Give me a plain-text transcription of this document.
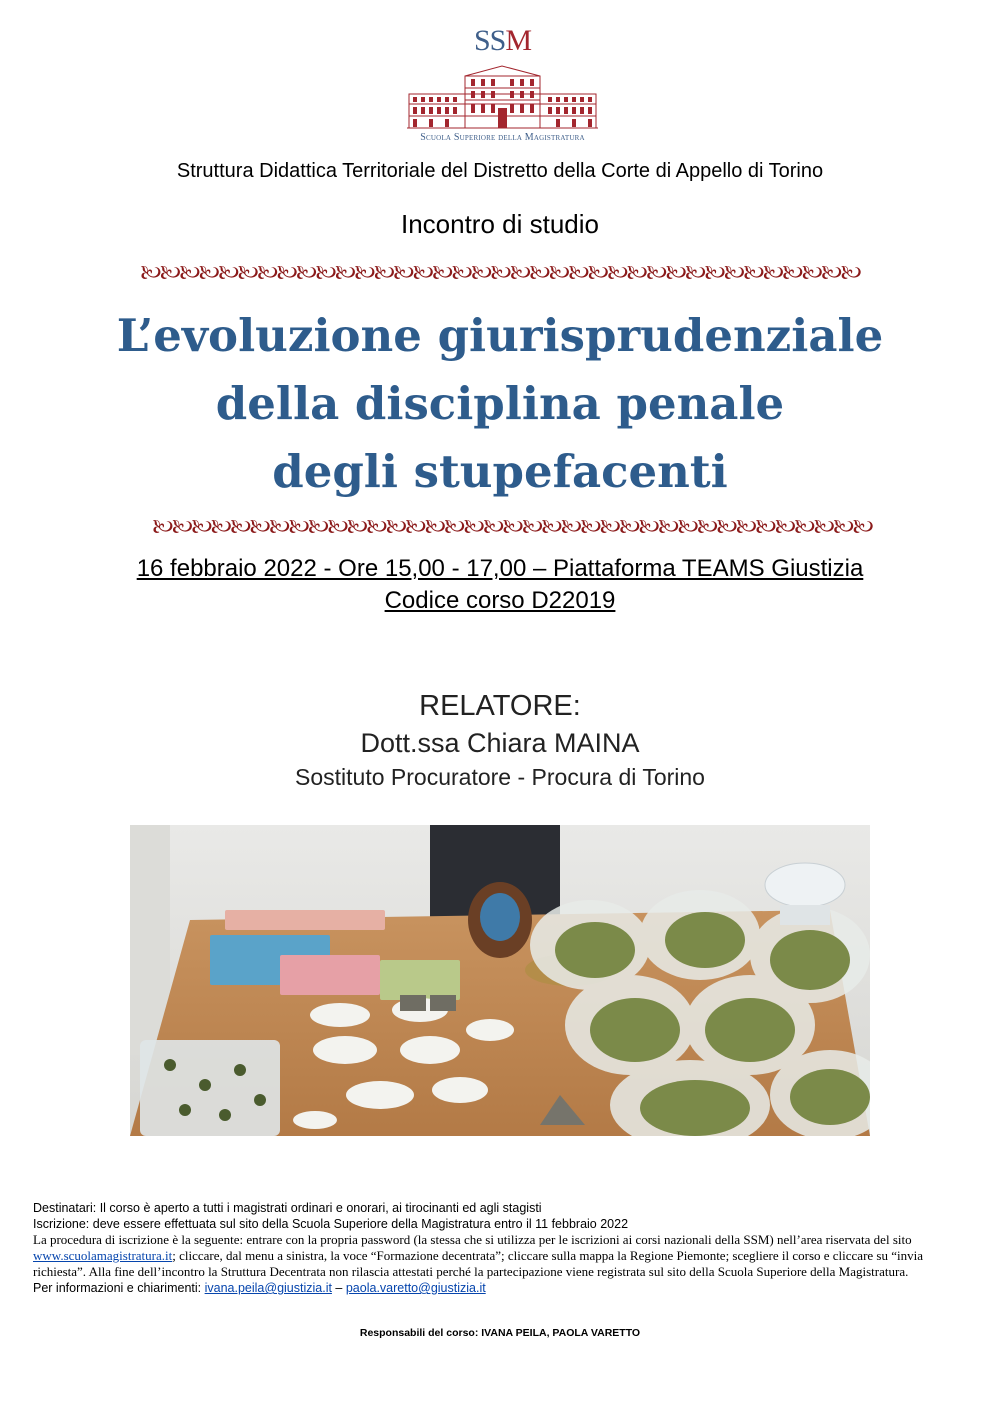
SSM
Scuola Superiore della Magistratura
Struttura Didattica Territoriale del Distretto della Corte di Appello di Torino
Incontro di studio
🙠🙠🙠🙠🙠🙠🙠🙠🙠🙠🙠🙠🙠🙠🙠🙠🙠🙠🙠🙠🙠🙠🙠🙠🙠🙠🙠🙠🙠🙠🙠🙠🙠🙠🙠🙠🙠
L’evoluzione giurisprudenziale
della disciplina penale
degli stupefacenti
🙠🙠🙠🙠🙠🙠🙠🙠🙠🙠🙠🙠🙠🙠🙠🙠🙠🙠🙠🙠🙠🙠🙠🙠🙠🙠🙠🙠🙠🙠🙠🙠🙠🙠🙠🙠🙠
16 febbraio 2022 - Ore 15,00 - 17,00 – Piattaforma TEAMS Giustizia
Codice corso D22019
RELATORE:
Dott.ssa Chiara MAINA
Sostituto Procuratore - Procura di Torino

Destinatari: Il corso è aperto a tutti i magistrati ordinari e onorari, ai tirocinanti ed agli stagisti

Iscrizione: deve essere effettuata sul sito della Scuola Superiore della Magistratura entro il 11 febbraio 2022

La procedura di iscrizione è la seguente: entrare con la propria password (la stessa che si utilizza per le iscrizioni ai corsi nazionali della SSM) nell’area riservata del sito www.scuolamagistratura.it; cliccare, dal menu a sinistra, la voce “Formazione decentrata”; cliccare sulla mappa la Regione Piemonte; scegliere il corso e cliccare su “invia richiesta”. Alla fine dell’incontro la Struttura Decentrata non rilascia attestati perché la partecipazione viene registrata sul sito della Scuola Superiore della Magistratura.

Per informazioni e chiarimenti: ivana.peila@giustizia.it – paola.varetto@giustizia.it

Responsabili del corso: IVANA PEILA, PAOLA VARETTO
